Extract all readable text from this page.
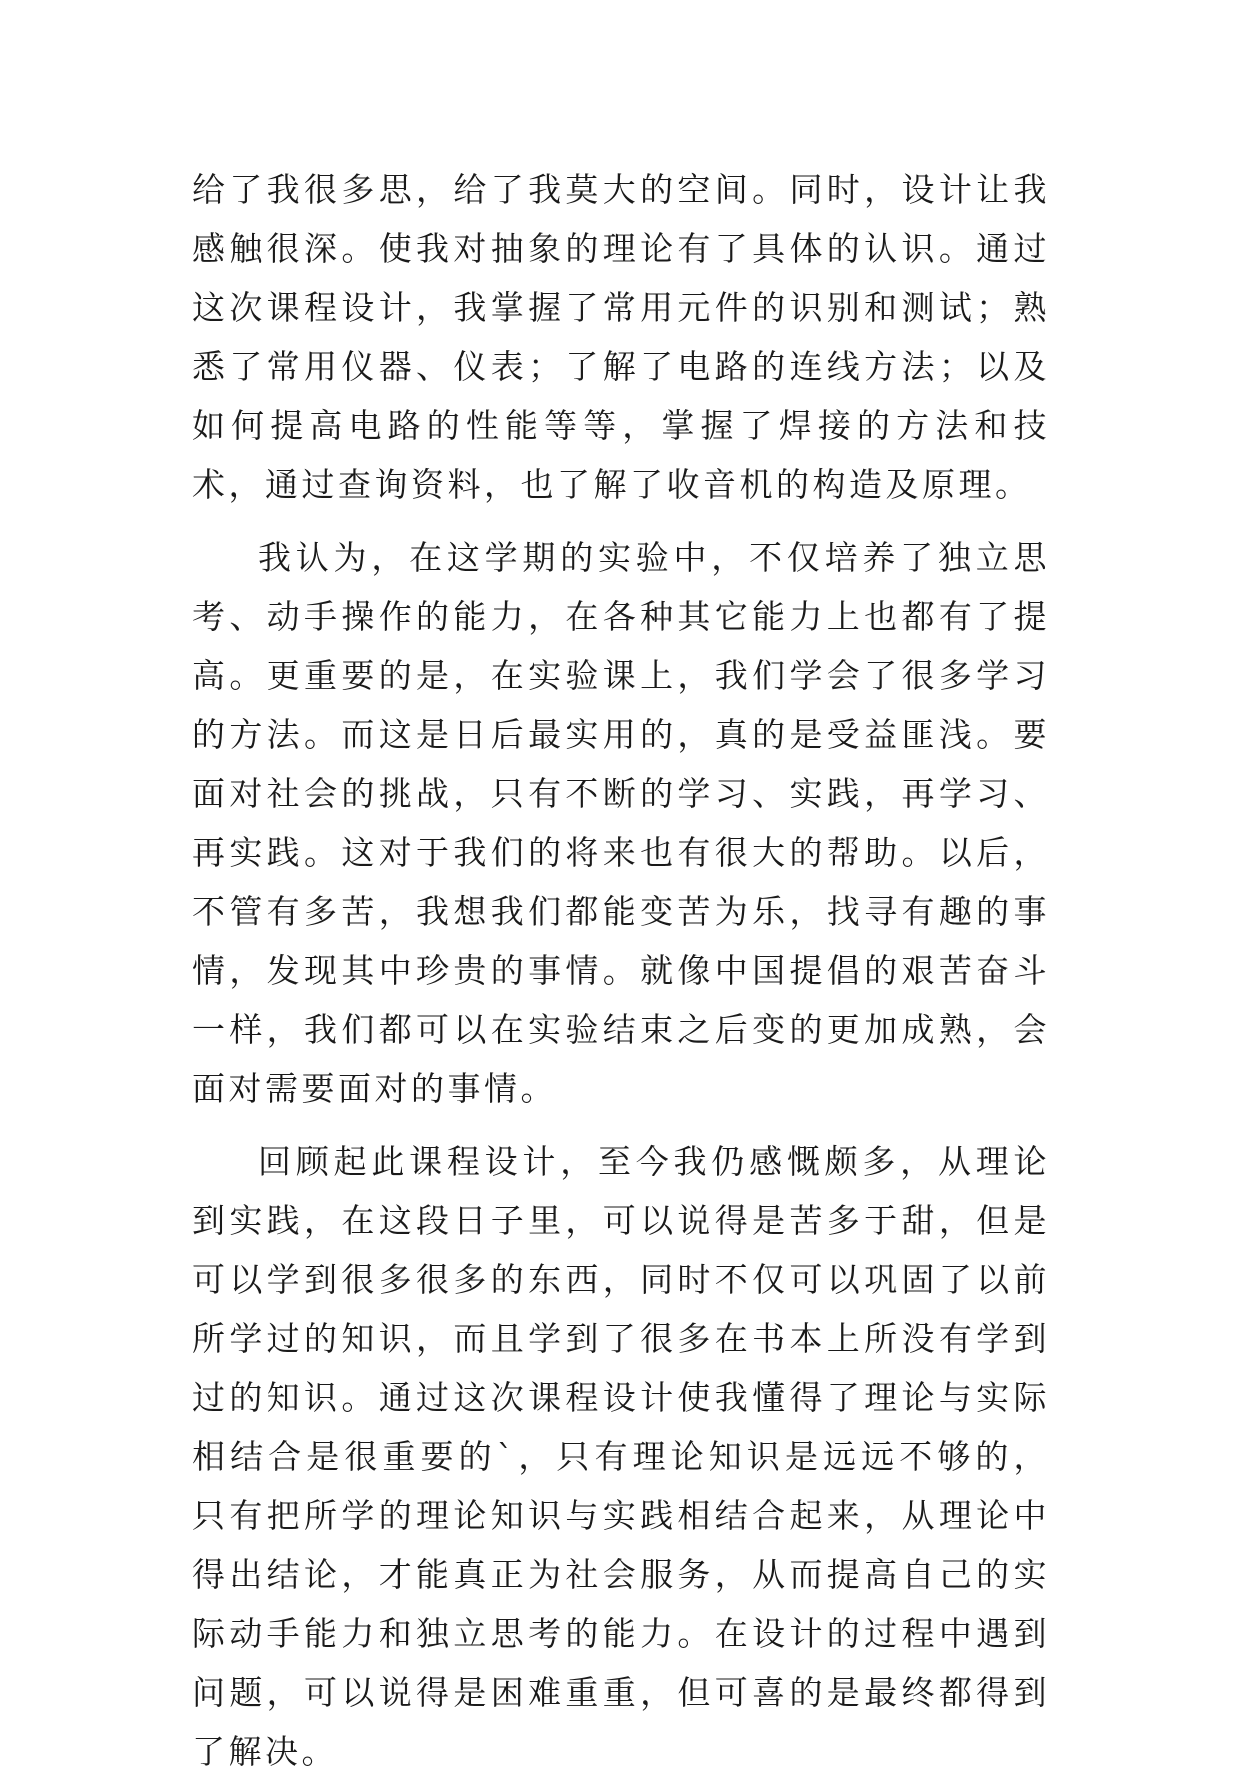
给了我很多思，给了我莫大的空间。同时，设计让我感触很深。使我对抽象的理论有了具体的认识。通过这次课程设计，我掌握了常用元件的识别和测试；熟悉了常用仪器、仪表；了解了电路的连线方法；以及如何提高电路的性能等等，掌握了焊接的方法和技术，通过查询资料，也了解了收音机的构造及原理。

我认为，在这学期的实验中，不仅培养了独立思考、动手操作的能力，在各种其它能力上也都有了提高。更重要的是，在实验课上，我们学会了很多学习的方法。而这是日后最实用的，真的是受益匪浅。要面对社会的挑战，只有不断的学习、实践，再学习、再实践。这对于我们的将来也有很大的帮助。以后，不管有多苦，我想我们都能变苦为乐，找寻有趣的事情，发现其中珍贵的事情。就像中国提倡的艰苦奋斗一样，我们都可以在实验结束之后变的更加成熟，会面对需要面对的事情。

回顾起此课程设计，至今我仍感慨颇多，从理论到实践，在这段日子里，可以说得是苦多于甜，但是可以学到很多很多的东西，同时不仅可以巩固了以前所学过的知识，而且学到了很多在书本上所没有学到过的知识。通过这次课程设计使我懂得了理论与实际相结合是很重要的`，只有理论知识是远远不够的，只有把所学的理论知识与实践相结合起来，从理论中得出结论，才能真正为社会服务，从而提高自己的实际动手能力和独立思考的能力。在设计的过程中遇到问题，可以说得是困难重重，但可喜的是最终都得到了解决。
